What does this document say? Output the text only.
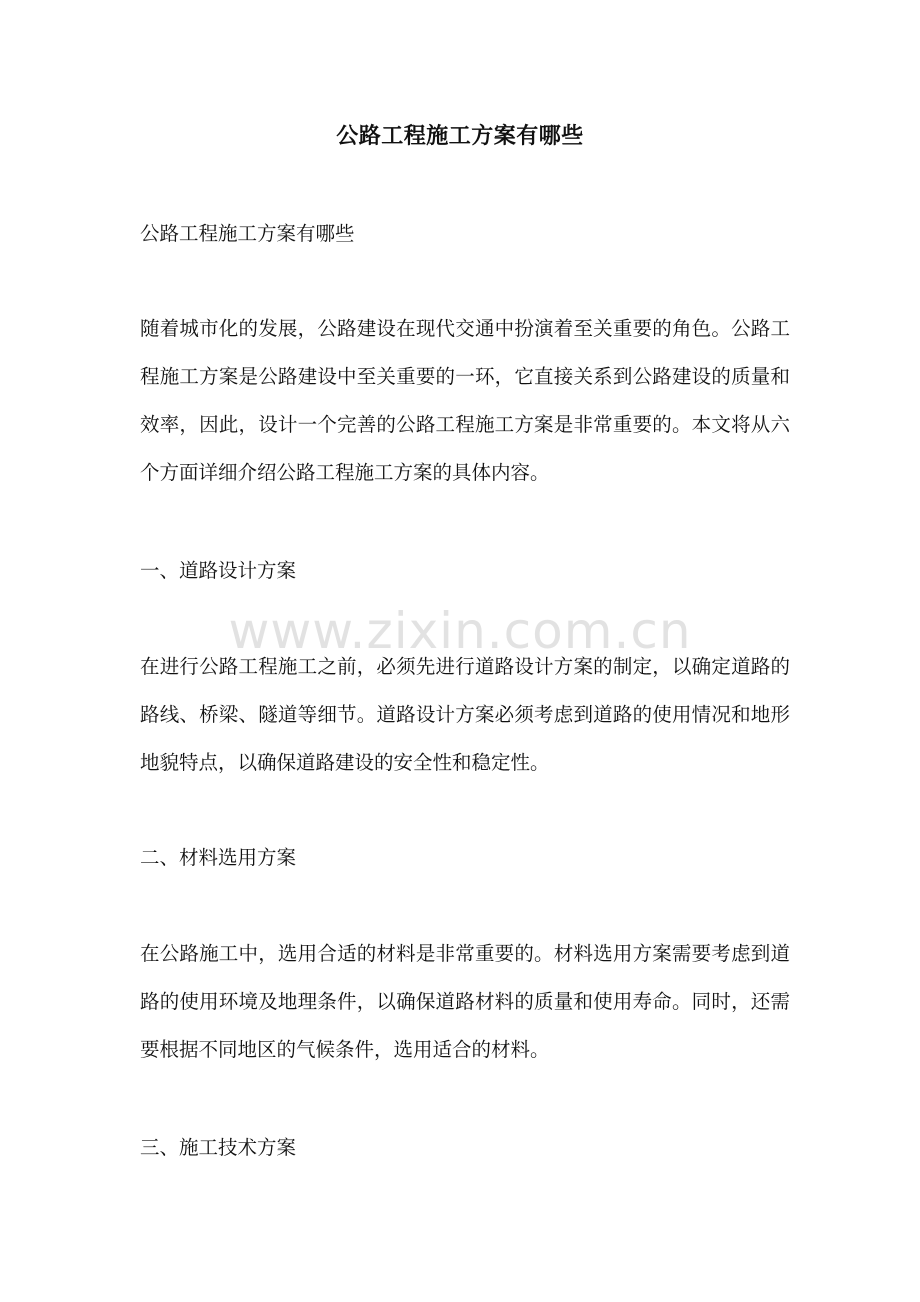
公路工程施工方案有哪些
公路工程施工方案有哪些
随着城市化的发展，公路建设在现代交通中扮演着至关重要的角色。公路工程施工方案是公路建设中至关重要的一环，它直接关系到公路建设的质量和效率，因此，设计一个完善的公路工程施工方案是非常重要的。本文将从六个方面详细介绍公路工程施工方案的具体内容。
一、道路设计方案
在进行公路工程施工之前，必须先进行道路设计方案的制定，以确定道路的路线、桥梁、隧道等细节。道路设计方案必须考虑到道路的使用情况和地形地貌特点，以确保道路建设的安全性和稳定性。
二、材料选用方案
在公路施工中，选用合适的材料是非常重要的。材料选用方案需要考虑到道路的使用环境及地理条件，以确保道路材料的质量和使用寿命。同时，还需要根据不同地区的气候条件，选用适合的材料。
三、施工技术方案
www.zixin.com.cn
